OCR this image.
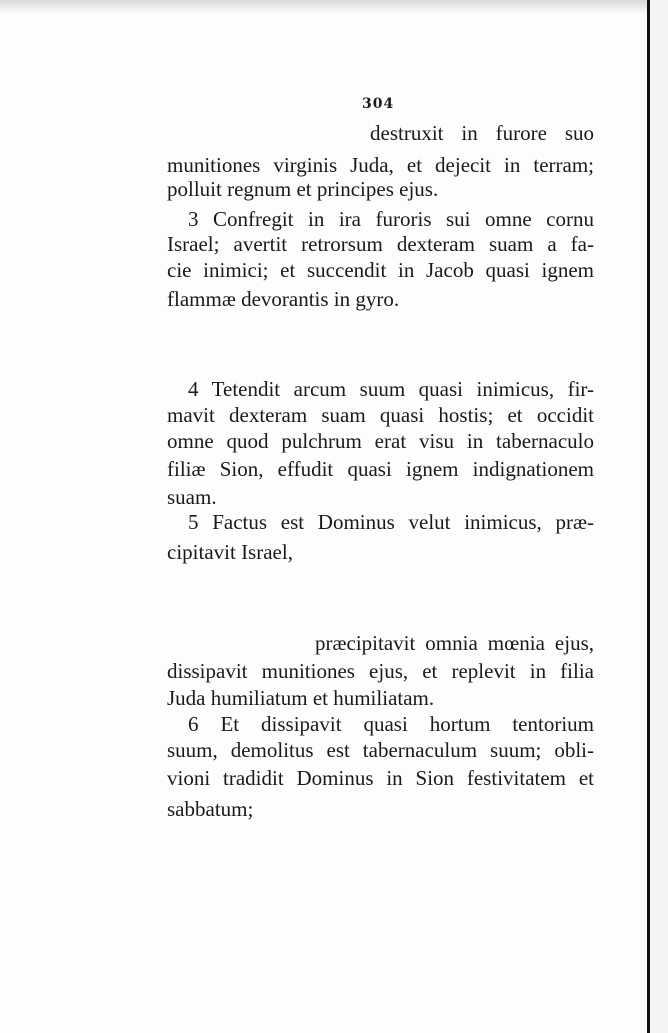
304
destruxit in furore suo
munitiones virginis Juda, et dejecit in terram;
polluit regnum et principes ejus.
3 Confregit in ira furoris sui omne cornu
Israel; avertit retrorsum dexteram suam a fa-
cie inimici; et succendit in Jacob quasi ignem
flammæ devorantis in gyro.
4 Tetendit arcum suum quasi inimicus, fir-
mavit dexteram suam quasi hostis; et occidit
omne quod pulchrum erat visu in tabernaculo
filiæ Sion, effudit quasi ignem indignationem
suam.
5 Factus est Dominus velut inimicus, præ-
cipitavit Israel,
præcipitavit omnia mœnia ejus,
dissipavit munitiones ejus, et replevit in filia
Juda humiliatum et humiliatam.
6 Et dissipavit quasi hortum tentorium
suum, demolitus est tabernaculum suum; obli-
vioni tradidit Dominus in Sion festivitatem et
sabbatum;
